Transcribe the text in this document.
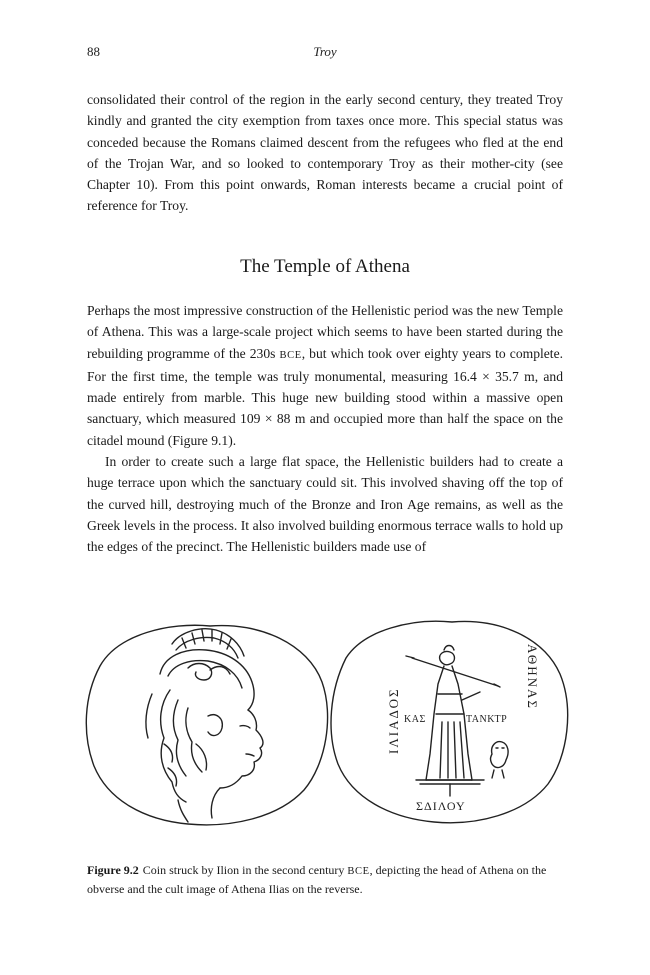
88	Troy

consolidated their control of the region in the early second century, they treated Troy kindly and granted the city exemption from taxes once more. This special status was conceded because the Romans claimed descent from the refugees who fled at the end of the Trojan War, and so looked to contemporary Troy as their mother-city (see Chapter 10). From this point onwards, Roman interests became a crucial point of reference for Troy.

The Temple of Athena

Perhaps the most impressive construction of the Hellenistic period was the new Temple of Athena. This was a large-scale project which seems to have been started during the rebuilding programme of the 230s BCE, but which took over eighty years to complete. For the first time, the temple was truly monumental, measuring 16.4 × 35.7 m, and made entirely from marble. This huge new building stood within a massive open sanctuary, which measured 109 × 88 m and occupied more than half the space on the citadel mound (Figure 9.1).

In order to create such a large flat space, the Hellenistic builders had to create a huge terrace upon which the sanctuary could sit. This involved shaving off the top of the curved hill, destroying much of the Bronze and Iron Age remains, as well as the Greek levels in the process. It also involved building enormous terrace walls to hold up the edges of the precinct. The Hellenistic builders made use of

ΙΛΙΑΔΟΣ
ΑΘΗΝΑΣ
ΚΑΣ	ΤΑΝΚΤΡ
ΣΔΙΛΟΥ
Figure 9.2 Coin struck by Ilion in the second century BCE, depicting the head of Athena on the obverse and the cult image of Athena Ilias on the reverse.
